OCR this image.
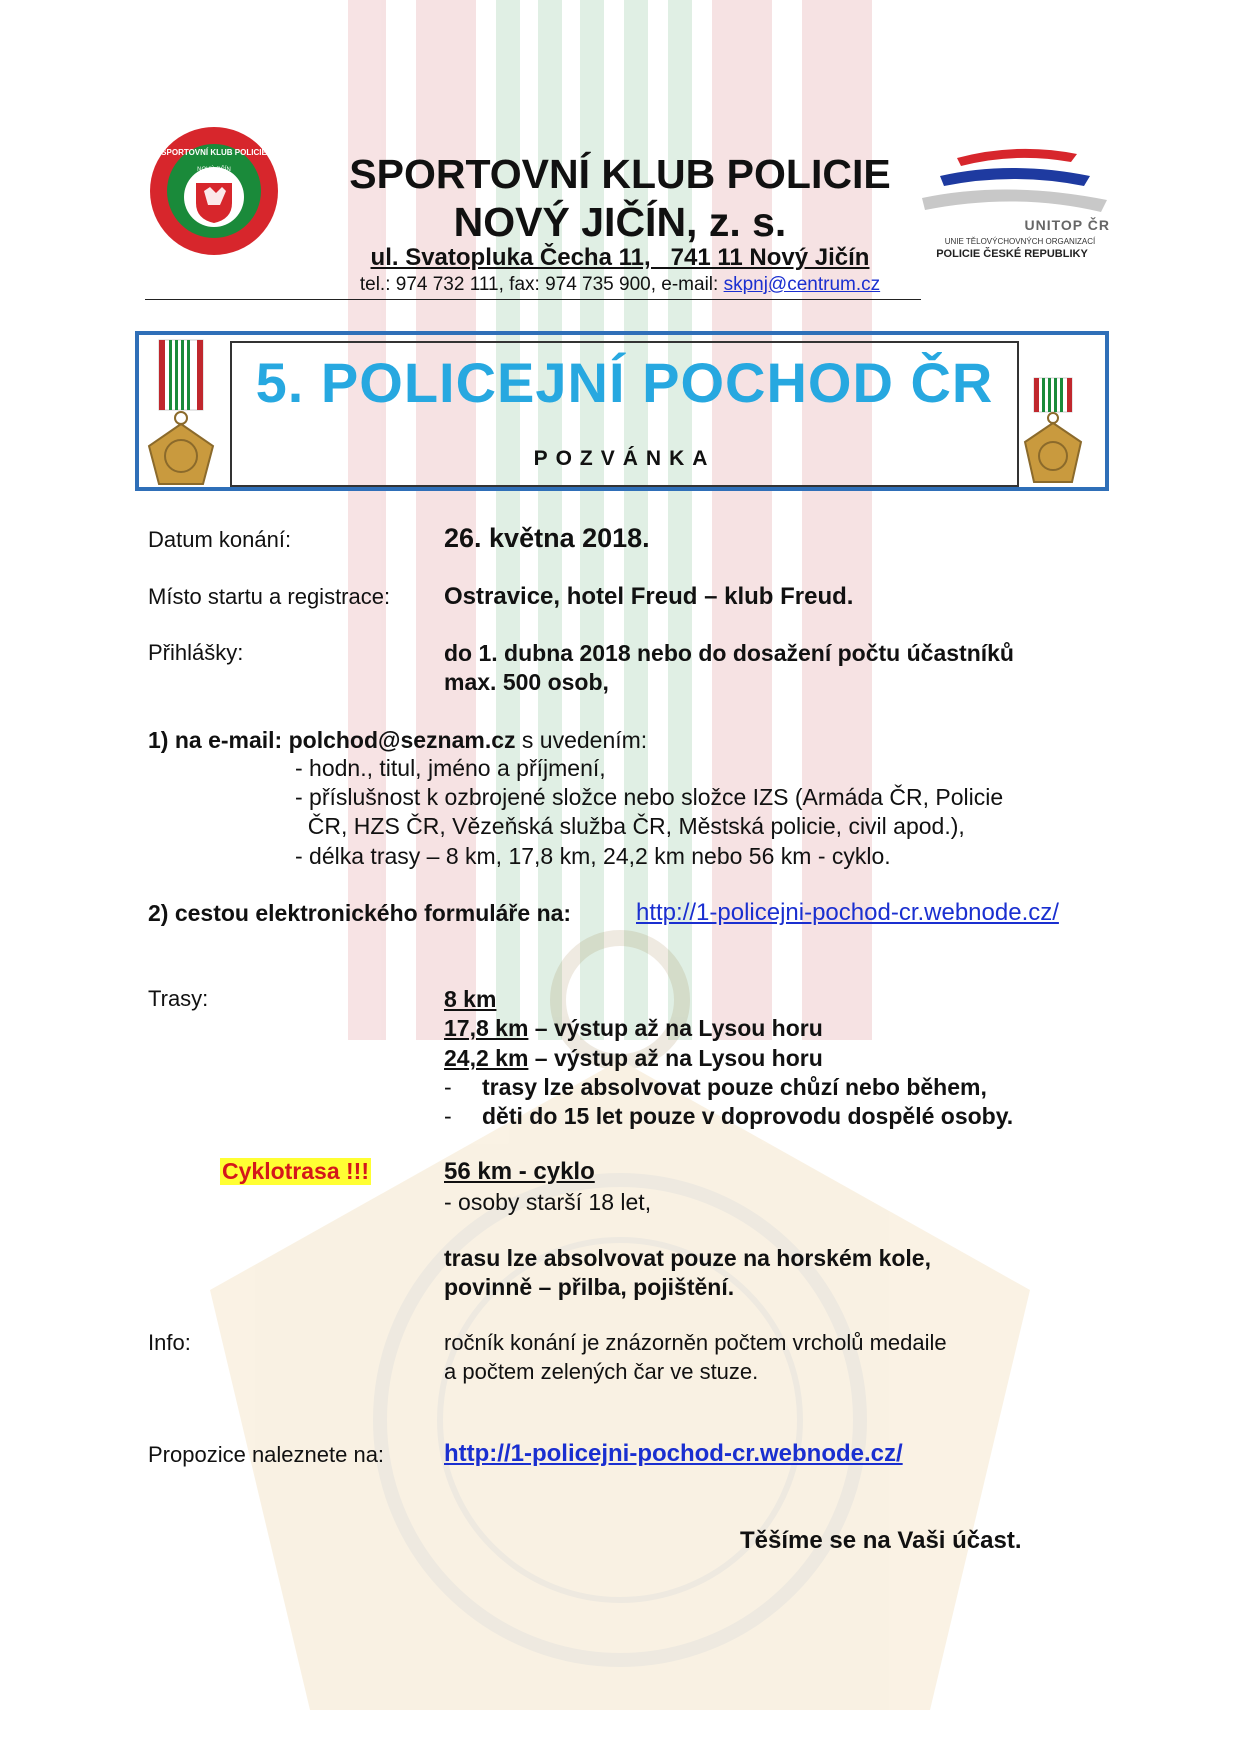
SPORTOVNÍ KLUB POLICIE
NOVÝ JIČÍN
UNITOP ČR
UNIE TĚLOVÝCHOVNÝCH ORGANIZACÍ
POLICIE ČESKÉ REPUBLIKY
SPORTOVNÍ KLUB POLICIE
NOVÝ JIČÍN, z. s.
ul. Svatopluka Čecha 11,   741 11 Nový Jičín
tel.: 974 732 111, fax: 974 735 900, e-mail: skpnj@centrum.cz
5. POLICEJNÍ POCHOD ČR
POZVÁNKA
Datum konání:	26. května 2018.
Místo startu a registrace: Ostravice, hotel Freud – klub Freud.
Přihlášky:	do 1. dubna 2018 nebo do dosažení počtu účastníků
max. 500 osob,
1) na e-mail: polchod@seznam.cz s uvedením:
- hodn., titul, jméno a příjmení,
- příslušnost k ozbrojené složce nebo složce IZS (Armáda ČR, Policie
ČR, HZS ČR, Vězeňská služba ČR, Městská policie, civil apod.),
- délka trasy – 8 km, 17,8 km, 24,2 km nebo 56 km - cyklo.
2) cestou elektronického formuláře na:	http://1-policejni-pochod-cr.webnode.cz/
Trasy:	8 km
17,8 km – výstup až na Lysou horu
24,2 km – výstup až na Lysou horu
- trasy lze absolvovat pouze chůzí nebo během,
- děti do 15 let pouze v doprovodu dospělé osoby.
Cyklotrasa !!!	56 km - cyklo
- osoby starší 18 let,
trasu lze absolvovat pouze na horském kole,
povinně – přilba, pojištění.
Info:	ročník konání je znázorněn počtem vrcholů medaile
a počtem zelených čar ve stuze.
Propozice naleznete na: http://1-policejni-pochod-cr.webnode.cz/
Těšíme se na Vaši účast.
